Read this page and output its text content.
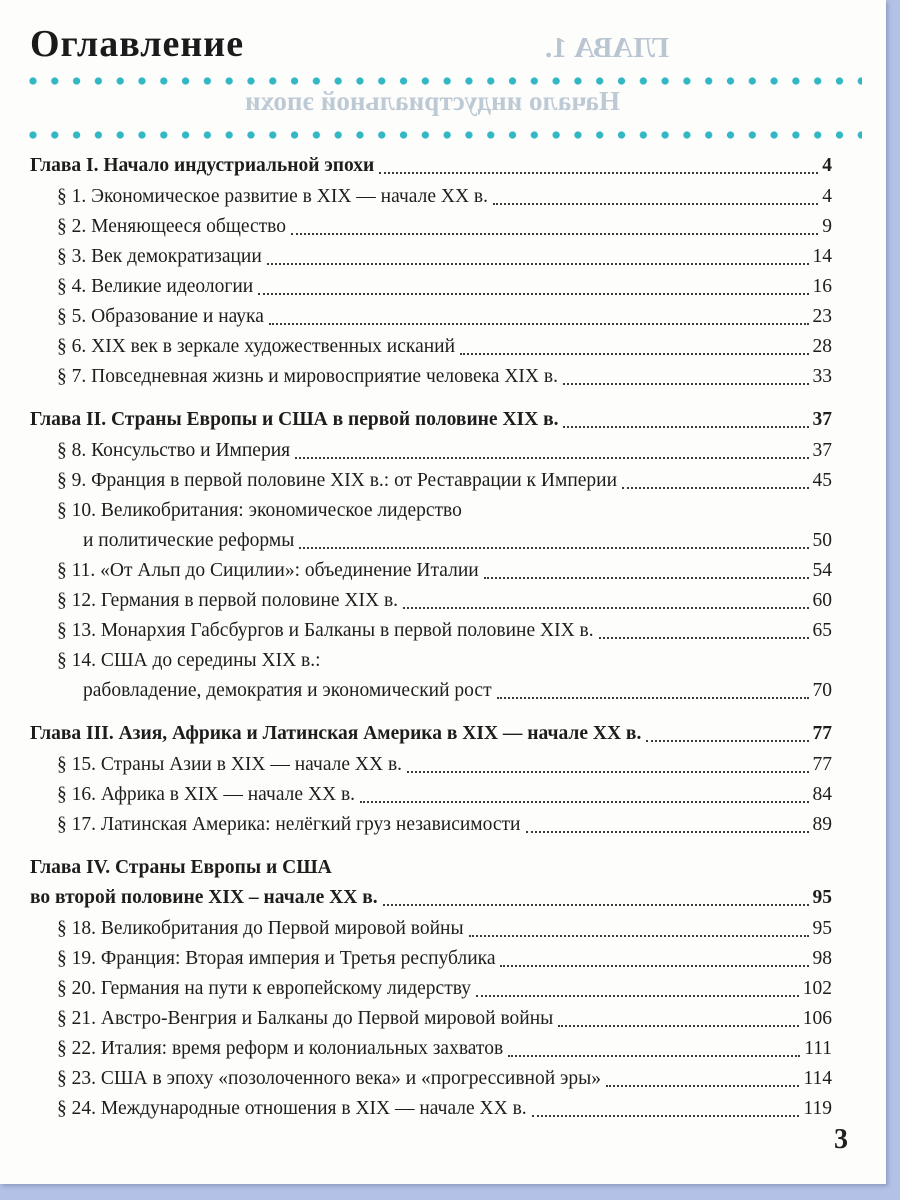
Оглавление	ГЛАВА 1.
Начало индустриальной эпохи
Глава I. Начало индустриальной эпохи	4
§ 1. Экономическое развитие в XIX — начале XX в.	4
§ 2. Меняющееся общество	9
§ 3. Век демократизации	14
§ 4. Великие идеологии	16
§ 5. Образование и наука	23
§ 6. XIX век в зеркале художественных исканий	28
§ 7. Повседневная жизнь и мировосприятие человека XIX в.	33
Глава II. Страны Европы и США в первой половине XIX в.	37
§ 8. Консульство и Империя	37
§ 9. Франция в первой половине XIX в.: от Реставрации к Империи	45
§ 10. Великобритания: экономическое лидерство
и политические реформы	50
§ 11. «От Альп до Сицилии»: объединение Италии	54
§ 12. Германия в первой половине XIX в.	60
§ 13. Монархия Габсбургов и Балканы в первой половине XIX в.	65
§ 14. США до середины XIX в.:
рабовладение, демократия и экономический рост	70
Глава III. Азия, Африка и Латинская Америка в XIX — начале XX в.	77
§ 15. Страны Азии в XIX — начале XX в.	77
§ 16. Африка в XIX — начале XX в.	84
§ 17. Латинская Америка: нелёгкий груз независимости	89
Глава IV. Страны Европы и США
во второй половине XIX – начале XX в.	95
§ 18. Великобритания до Первой мировой войны	95
§ 19. Франция: Вторая империя и Третья республика	98
§ 20. Германия на пути к европейскому лидерству	102
§ 21. Австро-Венгрия и Балканы до Первой мировой войны	106
§ 22. Италия: время реформ и колониальных захватов	111
§ 23. США в эпоху «позолоченного века» и «прогрессивной эры»	114
§ 24. Международные отношения в XIX — начале XX в.	119
3
